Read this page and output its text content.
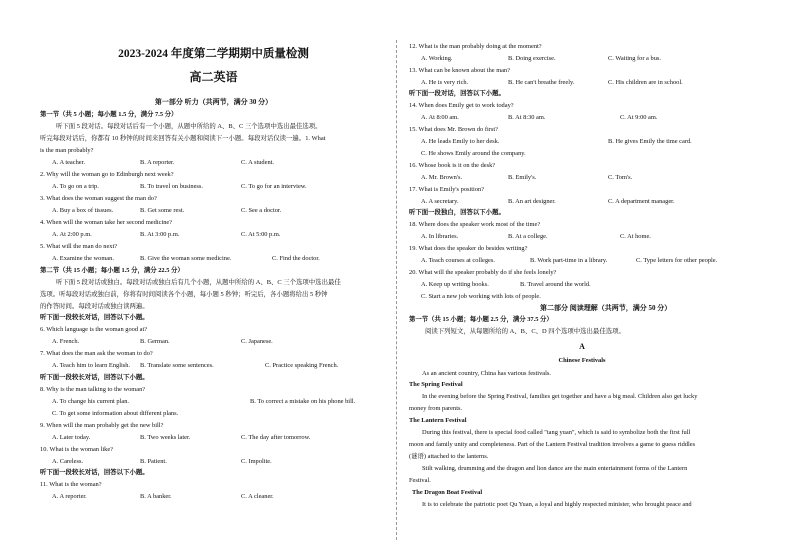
2023-2024 年度第二学期期中质量检测
高二英语
第一部分 听力（共两节，满分 30 分）
第一节（共 5 小题；每小题 1.5 分，满分 7.5 分）
听下面 5 段对话。每段对话后有一个小题，从题中所给的 A、B、C 三个选项中选出最佳选项。
听完每段对话后，你都有 10 秒钟的时间来回答有关小题和阅读下一小题。每段对话仅读一遍。1. What
is the man probably?
A. A teacher.	B. A reporter.	C. A student.
2. Why will the woman go to Edinburgh next week?
A. To go on a trip.	B. To travel on business.	C. To go for an interview.
3. What does the woman suggest the man do?
A. Buy a box of tissues.	B. Get some rest.	C. See a doctor.
4. When will the woman take her second medicine?
A. At 2:00 p.m.	B. At 3:00 p.m.	C. At 5:00 p.m.
5. What will the man do next?
A. Examine the woman.	B. Give the woman some medicine.	C. Find the doctor.
第二节（共 15 小题；每小题 1.5 分，满分 22.5 分）
听下面 5 段对话或独白。每段对话或独白后有几个小题，从题中所给的 A、B、C 三个选项中选出最佳
选项。听每段对话或独白前，你将有时间阅读各个小题，每小题 5 秒钟；听完后，各小题将给出 5 秒钟
的作答时间。每段对话或独白读两遍。
听下面一段较长对话，回答以下小题。
6. Which language is the woman good at?
A. French.	B. German.	C. Japanese.
7. What does the man ask the woman to do?
A. Teach him to learn English. B. Translate some sentences.	C. Practice speaking French.
听下面一段较长对话，回答以下小题。
8. Why is the man talking to the woman?
A. To change his current plan.	B. To correct a mistake on his phone bill.
C. To get some information about different plans.
9. When will the man probably get the new bill?
A. Later today.	B. Two weeks later.	C. The day after tomorrow.
10. What is the woman like?
A. Careless.	B. Patient.	C. Impolite.
听下面一段较长对话，回答以下小题。
11. What is the woman?
A. A reporter.	B. A banker.	C. A cleaner.
12. What is the man probably doing at the moment?
A. Working.	B. Doing exercise.	C. Waiting for a bus.
13. What can be known about the man?
A. He is very rich.	B. He can't breathe freely.	C. His children are in school.
听下面一段对话，回答以下小题。
14. When does Emily get to work today?
A. At 8:00 am.	B. At 8:30 am.	C. At 9:00 am.
15. What does Mr. Brown do first?
A. He leads Emily to her desk.	B. He gives Emily the time card.
C. He shows Emily around the company.
16. Whose book is it on the desk?
A. Mr. Brown's.	B. Emily's.	C. Tom's.
17. What is Emily's position?
A. A secretary.	B. An art designer.	C. A department manager.
听下面一段独白，回答以下小题。
18. Where does the speaker work most of the time?
A. In libraries.	B. At a college.	C. At home.
19. What does the speaker do besides writing?
A. Teach courses at colleges.	B. Work part-time in a library.	C. Type letters for other people.
20. What will the speaker probably do if she feels lonely?
A. Keep up writing books.	B. Travel around the world.
C. Start a new job working with lots of people.
第二部分 阅读理解（共两节，满分 50 分）
第一节（共 15 小题；每小题 2.5 分，满分 37.5 分）
阅读下列短文，从每题所给的 A、B、C、D 四个选项中选出最佳选项。
A
Chinese Festivals
As an ancient country, China has various festivals.
The Spring Festival
In the evening before the Spring Festival, families get together and have a big meal. Children also get lucky
money from parents.
The Lantern Festival
During this festival, there is special food called "tang yuan", which is said to symbolize both the first full
moon and family unity and completeness. Part of the Lantern Festival tradition involves a game to guess riddles
(谜语) attached to the lanterns.
Stilt walking, drumming and the dragon and lion dance are the main entertainment forms of the Lantern
Festival.
The Dragon Boat Festival
It is to celebrate the patriotic poet Qu Yuan, a loyal and highly respected minister, who brought peace and
